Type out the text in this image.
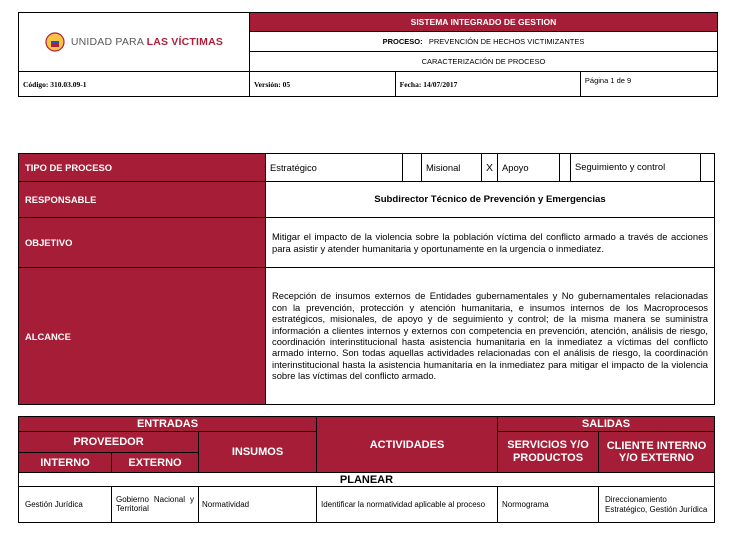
UNIDAD PARA LAS VÍCTIMAS	SISTEMA INTEGRADO DE GESTION		
	PROCESO: PREVENCIÓN DE HECHOS VICTIMIZANTES		
	CARACTERIZACIÓN DE PROCESO		
Código: 310.03.09-1	Versión: 05	Fecha: 14/07/2017	Página 1 de 9
TIPO DE PROCESO	Estratégico		Misional	X	Apoyo		Seguimiento y control	
RESPONSABLE	Subdirector Técnico de Prevención y Emergencias							
OBJETIVO	Mitigar el impacto de la violencia sobre la población víctima del conflicto armado a través de acciones para asistir y atender humanitaria y oportunamente en la urgencia o inmediatez.							
ALCANCE	Recepción de insumos externos de Entidades gubernamentales y No gubernamentales relacionadas con la prevención, protección y atención humanitaria, e insumos internos de los Macroprocesos estratégicos, misionales, de apoyo y de seguimiento y control; de la misma manera se suministra información a clientes internos y externos con competencia en prevención, atención, análisis de riesgo, coordinación interinstitucional hasta asistencia humanitaria en la inmediatez a víctimas del conflicto armado interno. Son todas aquellas actividades relacionadas con el análisis de riesgo, la coordinación interinstitucional hasta la asistencia humanitaria en la inmediatez para mitigar el impacto de la violencia sobre las víctimas del conflicto armado.							
ENTRADAS			ACTIVIDADES	SALIDAS	
PROVEEDOR		INSUMOS		SERVICIOS Y/O PRODUCTOS	CLIENTE INTERNO Y/O EXTERNO
INTERNO	EXTERNO				
PLANEAR					
Gestión Jurídica	Gobierno Nacional y Territorial	Normatividad	Identificar la normatividad aplicable al proceso	Normograma	Direccionamiento Estratégico, Gestión Jurídica
